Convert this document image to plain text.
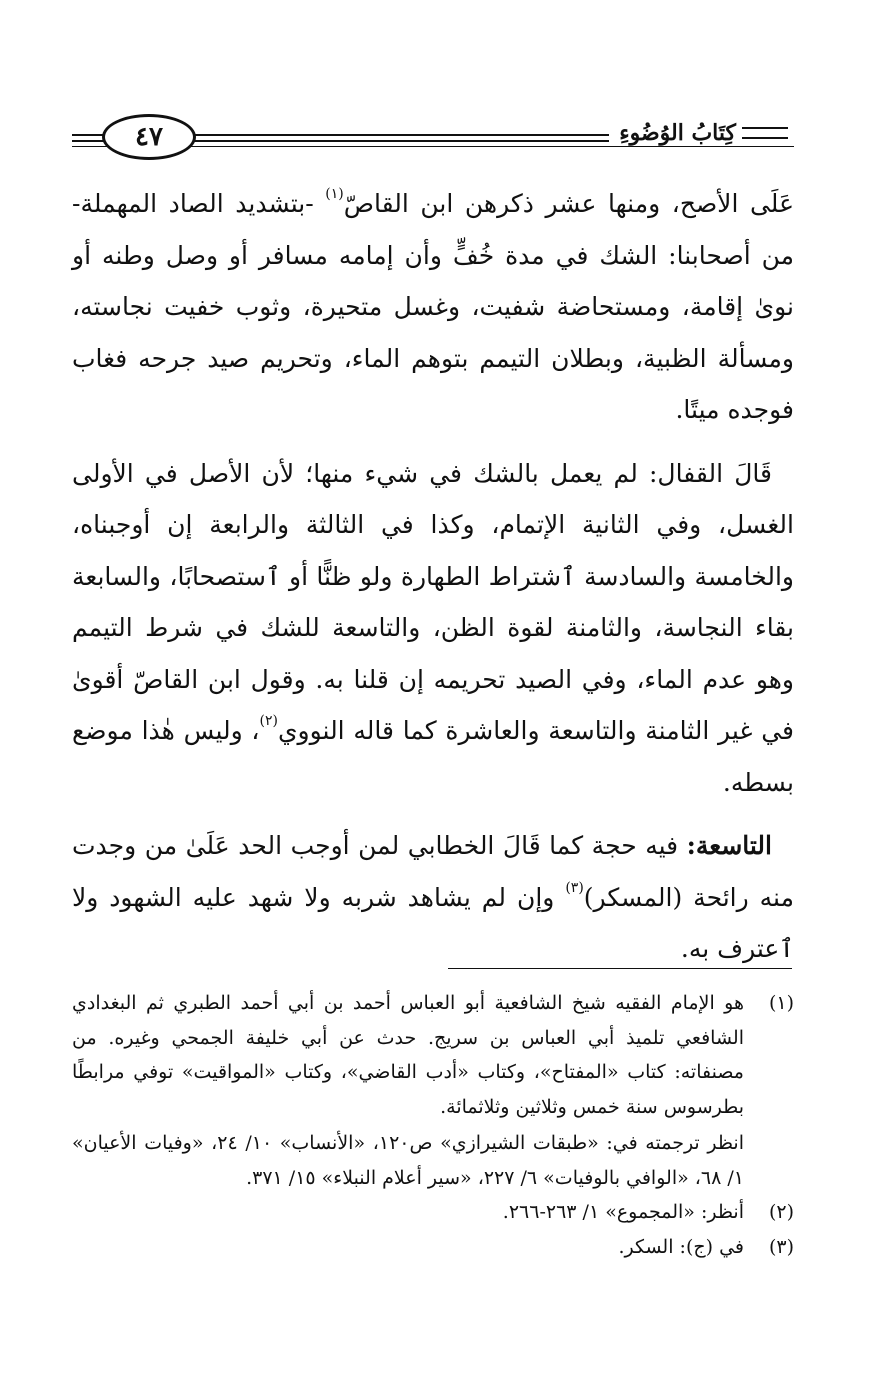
كِتَابُ الوُضُوءِ
٤٧

عَلَى الأصح، ومنها عشر ذكرهن ابن القاصّ$^{(١)}$ -بتشديد الصاد المهملة- من أصحابنا: الشك في مدة خُفٍّ وأن إمامه مسافر أو وصل وطنه أو نوىٰ إقامة، ومستحاضة شفيت، وغسل متحيرة، وثوب خفيت نجاسته، ومسألة الظبية، وبطلان التيمم بتوهم الماء، وتحريم صيد جرحه فغاب فوجده ميتًا.

قَالَ القفال: لم يعمل بالشك في شيء منها؛ لأن الأصل في الأولى الغسل، وفي الثانية الإتمام، وكذا في الثالثة والرابعة إن أوجبناه، والخامسة والسادسة ٱشتراط الطهارة ولو ظنًّا أو ٱستصحابًا، والسابعة بقاء النجاسة، والثامنة لقوة الظن، والتاسعة للشك في شرط التيمم وهو عدم الماء، وفي الصيد تحريمه إن قلنا به. وقول ابن القاصّ أقوىٰ في غير الثامنة والتاسعة والعاشرة كما قاله النووي$^{(٢)}$، وليس هٰذا موضع بسطه.

التاسعة: فيه حجة كما قَالَ الخطابي لمن أوجب الحد عَلَىٰ من وجدت منه رائحة (المسكر)$^{(٣)}$ وإن لم يشاهد شربه ولا شهد عليه الشهود ولا ٱعترف به.

(١)

هو الإمام الفقيه شيخ الشافعية أبو العباس أحمد بن أبي أحمد الطبري ثم البغدادي الشافعي تلميذ أبي العباس بن سريج. حدث عن أبي خليفة الجمحي وغيره. من مصنفاته: كتاب «المفتاح»، وكتاب «أدب القاضي»، وكتاب «المواقيت» توفي مرابطًا بطرسوس سنة خمس وثلاثين وثلاثمائة.

انظر ترجمته في: «طبقات الشيرازي» ص١٢٠، «الأنساب» ١٠/ ٢٤، «وفيات الأعيان» ١/ ٦٨، «الوافي بالوفيات» ٦/ ٢٢٧، «سير أعلام النبلاء» ١٥/ ٣٧١.

(٢)

أنظر: «المجموع» ١/ ٢٦٣-٢٦٦.

(٣)

في (ج): السكر.
